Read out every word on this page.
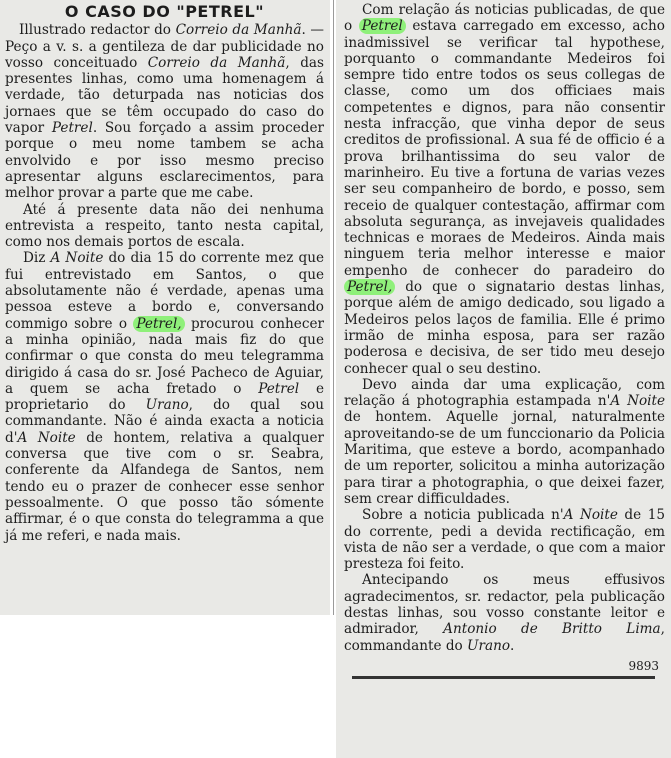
O CASO DO "PETREL"

Illustrado redactor do Correio da Manhã. — Peço a v. s. a gentileza de dar publicidade no vosso conceituado Correio da Manhã, das presentes linhas, como uma homenagem á verdade, tão deturpada nas noticias dos jornaes que se têm occupado do caso do vapor Petrel. Sou forçado a assim proceder porque o meu nome tambem se acha envolvido e por isso mesmo preciso apresentar alguns esclarecimentos, para melhor provar a parte que me cabe.

Até á presente data não dei nenhuma entrevista a respeito, tanto nesta capital, como nos demais portos de escala.

Diz A Noite do dia 15 do corrente mez que fui entrevistado em Santos, o que absolutamente não é verdade, apenas uma pessoa esteve a bordo e, conversando commigo sobre o Petrel, procurou conhecer a minha opinião, nada mais fiz do que confirmar o que consta do meu telegramma dirigido á casa do sr. José Pacheco de Aguiar, a quem se acha fretado o Petrel e proprietario do Urano, do qual sou commandante. Não é ainda exacta a noticia d'A Noite de hontem, relativa a qualquer conversa que tive com o sr. Seabra, conferente da Alfandega de Santos, nem tendo eu o prazer de conhecer esse senhor pessoalmente. O que posso tão sómente affirmar, é o que consta do telegramma a que já me referi, e nada mais.

Com relação ás noticias publicadas, de que o Petrel estava carregado em excesso, acho inadmissivel se verificar tal hypothese, porquanto o commandante Medeiros foi sempre tido entre todos os seus collegas de classe, como um dos officiaes mais competentes e dignos, para não consentir nesta infracção, que vinha depor de seus creditos de profissional. A sua fé de officio é a prova brilhantissima do seu valor de marinheiro. Eu tive a fortuna de varias vezes ser seu companheiro de bordo, e posso, sem receio de qualquer contestação, affirmar com absoluta segurança, as invejaveis qualidades technicas e moraes de Medeiros. Ainda mais ninguem teria melhor interesse e maior empenho de conhecer do paradeiro do Petrel, do que o signatario destas linhas, porque além de amigo dedicado, sou ligado a Medeiros pelos laços de familia. Elle é primo irmão de minha esposa, para ser razão poderosa e decisiva, de ser tido meu desejo conhecer qual o seu destino.

Devo ainda dar uma explicação, com relação á photographia estampada n'A Noite de hontem. Aquelle jornal, naturalmente aproveitando-se de um funccionario da Policia Maritima, que esteve a bordo, acompanhado de um reporter, solicitou a minha autorização para tirar a photographia, o que deixei fazer, sem crear difficuldades.

Sobre a noticia publicada n'A Noite de 15 do corrente, pedi a devida rectificação, em vista de não ser a verdade, o que com a maior presteza foi feito.

Antecipando os meus effusivos agradecimentos, sr. redactor, pela publicação destas linhas, sou vosso constante leitor e admirador, Antonio de Britto Lima, commandante do Urano.

9893
